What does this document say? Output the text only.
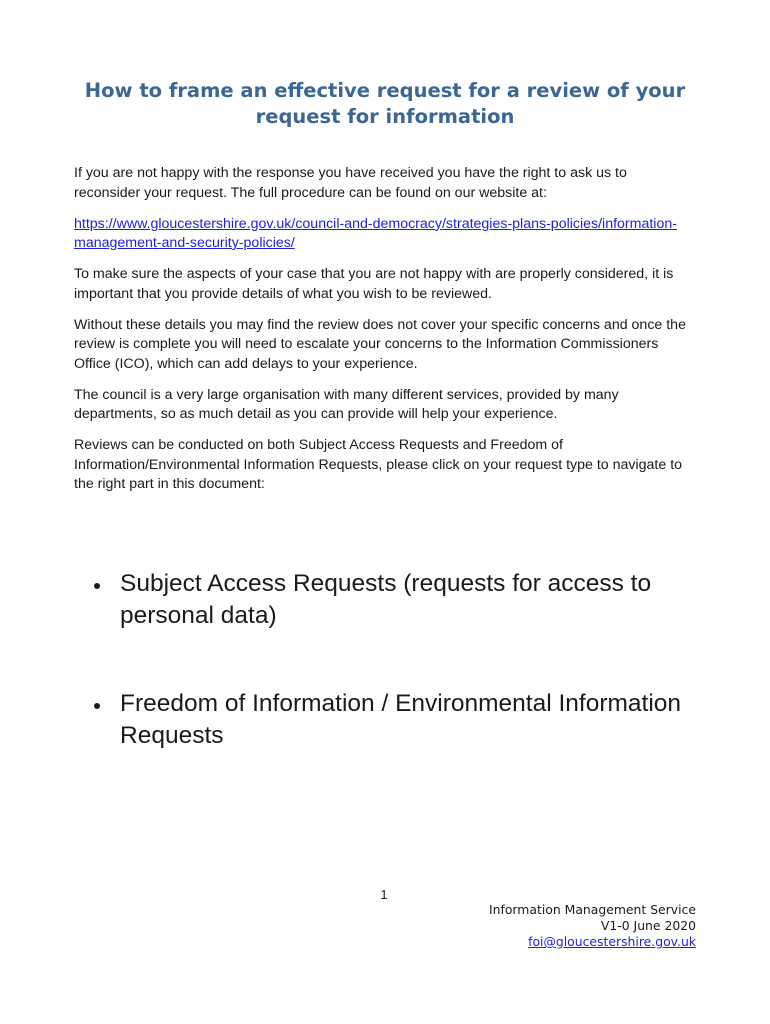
How to frame an effective request for a review of your request for information

If you are not happy with the response you have received you have the right to ask us to reconsider your request. The full procedure can be found on our website at:

https://www.gloucestershire.gov.uk/council-and-democracy/strategies-plans-policies/information-management-and-security-policies/

To make sure the aspects of your case that you are not happy with are properly considered, it is important that you provide details of what you wish to be reviewed.

Without these details you may find the review does not cover your specific concerns and once the review is complete you will need to escalate your concerns to the Information Commissioners Office (ICO), which can add delays to your experience.

The council is a very large organisation with many different services, provided by many departments, so as much detail as you can provide will help your experience.

Reviews can be conducted on both Subject Access Requests and Freedom of Information/Environmental Information Requests, please click on your request type to navigate to the right part in this document:

Subject Access Requests (requests for access to personal data)
Freedom of Information / Environmental Information Requests
1
Information Management Service
V1-0 June 2020
foi@gloucestershire.gov.uk
